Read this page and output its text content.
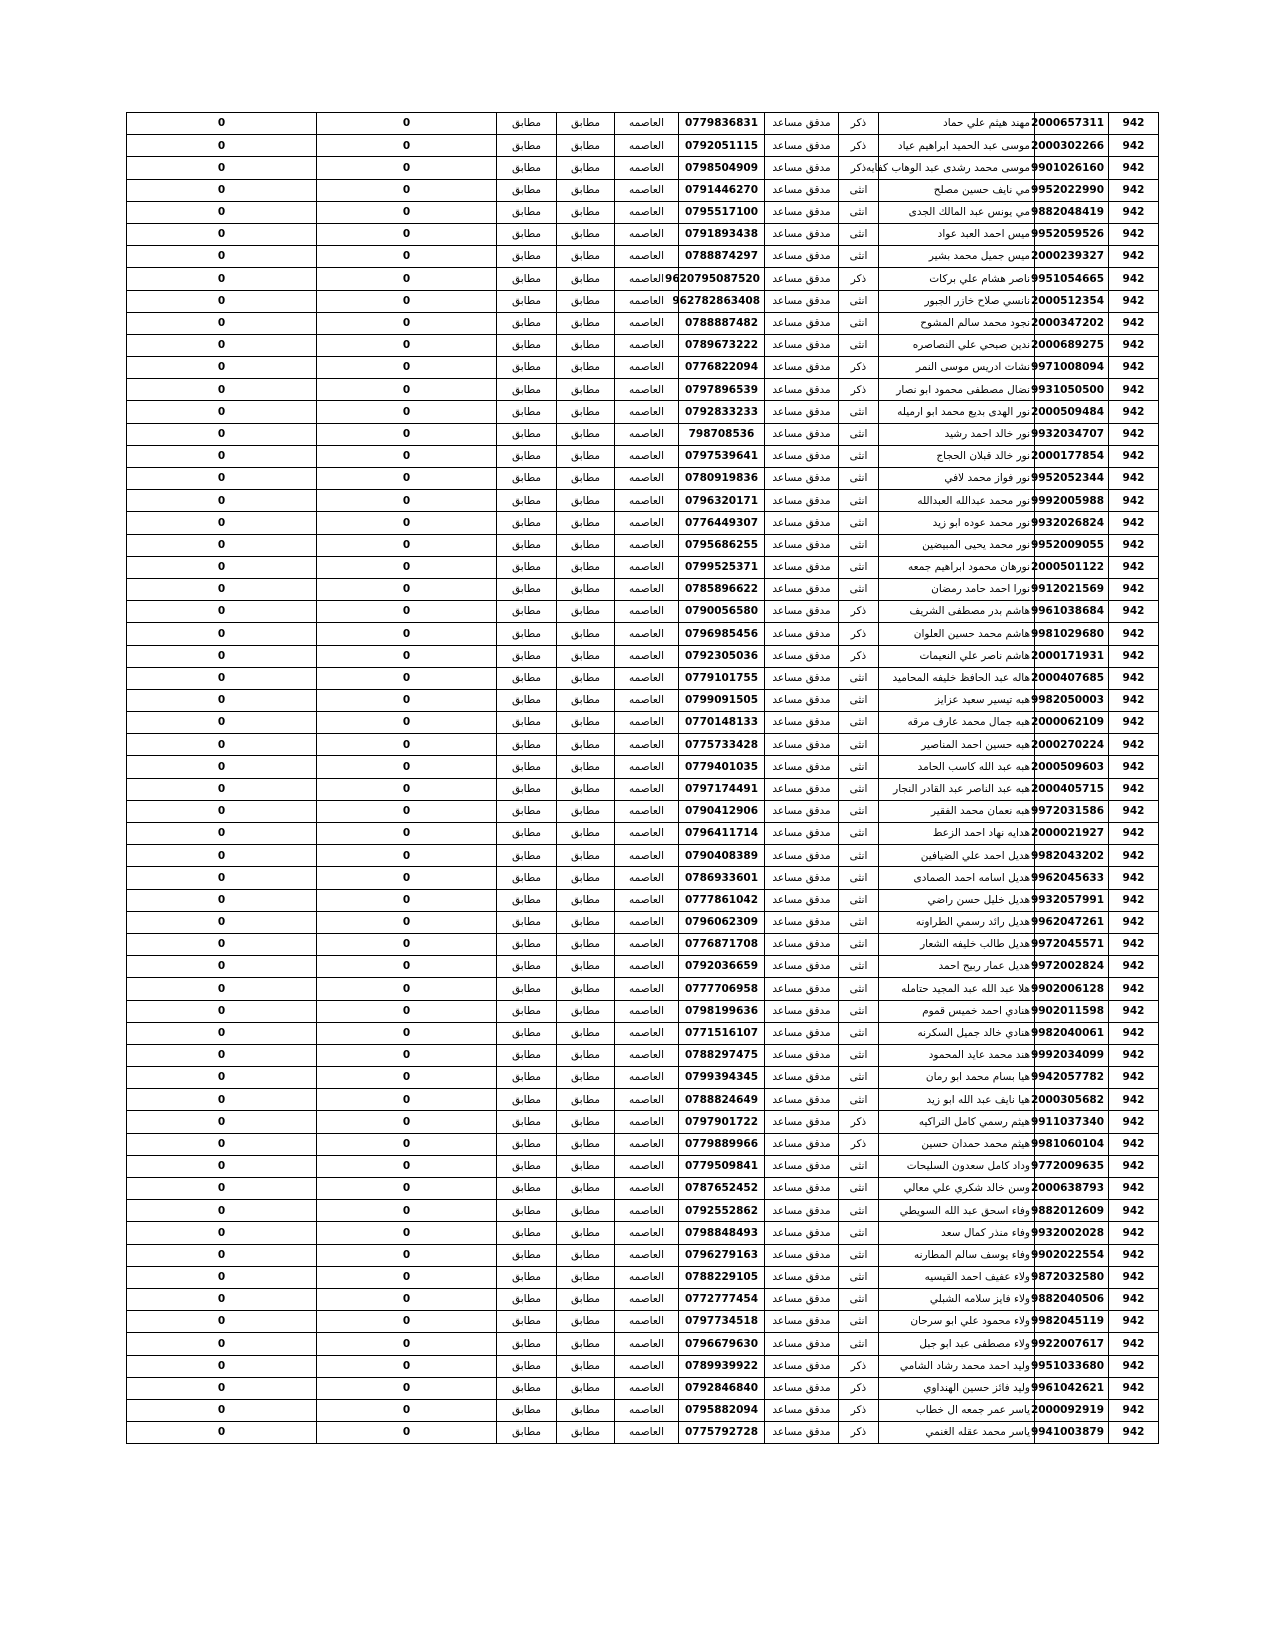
942	2000657311	مهند هيثم علي حماد	ذكر	مدقق مساعد	0779836831	العاصمه	مطابق	مطابق	0	0
942	2000302266	موسى عبد الحميد ابراهيم عياد	ذكر	مدقق مساعد	0792051115	العاصمه	مطابق	مطابق	0	0
942	9901026160	موسى محمد رشدى عبد الوهاب كفايه	ذكر	مدقق مساعد	0798504909	العاصمه	مطابق	مطابق	0	0
942	9952022990	مي نايف حسين مصلح	انثى	مدقق مساعد	0791446270	العاصمه	مطابق	مطابق	0	0
942	9882048419	مي يونس عبد المالك الجدى	انثى	مدقق مساعد	0795517100	العاصمه	مطابق	مطابق	0	0
942	9952059526	ميس احمد العبد عواد	انثى	مدقق مساعد	0791893438	العاصمه	مطابق	مطابق	0	0
942	2000239327	ميس جميل محمد بشير	انثى	مدقق مساعد	0788874297	العاصمه	مطابق	مطابق	0	0
942	9951054665	ناصر هشام علي بركات	ذكر	مدقق مساعد	9620795087520	العاصمه	مطابق	مطابق	0	0
942	2000512354	نانسي صلاح خازر الجبور	انثى	مدقق مساعد	962782863408	العاصمه	مطابق	مطابق	0	0
942	2000347202	نجود محمد سالم المشوح	انثى	مدقق مساعد	0788887482	العاصمه	مطابق	مطابق	0	0
942	2000689275	ندين صبحي علي النصاصره	انثى	مدقق مساعد	0789673222	العاصمه	مطابق	مطابق	0	0
942	9971008094	نشات ادريس موسى النمر	ذكر	مدقق مساعد	0776822094	العاصمه	مطابق	مطابق	0	0
942	9931050500	نضال مصطفى محمود ابو نصار	ذكر	مدقق مساعد	0797896539	العاصمه	مطابق	مطابق	0	0
942	2000509484	نور الهدى بديع محمد ابو ارميله	انثى	مدقق مساعد	0792833233	العاصمه	مطابق	مطابق	0	0
942	9932034707	نور خالد احمد رشيد	انثى	مدقق مساعد	798708536	العاصمه	مطابق	مطابق	0	0
942	2000177854	نور خالد قبلان الحجاج	انثى	مدقق مساعد	0797539641	العاصمه	مطابق	مطابق	0	0
942	9952052344	نور فواز محمد لافي	انثى	مدقق مساعد	0780919836	العاصمه	مطابق	مطابق	0	0
942	9992005988	نور محمد عبدالله العبدالله	انثى	مدقق مساعد	0796320171	العاصمه	مطابق	مطابق	0	0
942	9932026824	نور محمد عوده ابو زيد	انثى	مدقق مساعد	0776449307	العاصمه	مطابق	مطابق	0	0
942	9952009055	نور محمد يحيى المبيضين	انثى	مدقق مساعد	0795686255	العاصمه	مطابق	مطابق	0	0
942	2000501122	نورهان محمود ابراهيم جمعه	انثى	مدقق مساعد	0799525371	العاصمه	مطابق	مطابق	0	0
942	9912021569	نورا احمد حامد رمضان	انثى	مدقق مساعد	0785896622	العاصمه	مطابق	مطابق	0	0
942	9961038684	هاشم بدر مصطفى الشريف	ذكر	مدقق مساعد	0790056580	العاصمه	مطابق	مطابق	0	0
942	9981029680	هاشم محمد حسين العلوان	ذكر	مدقق مساعد	0796985456	العاصمه	مطابق	مطابق	0	0
942	2000171931	هاشم ناصر علي النعيمات	ذكر	مدقق مساعد	0792305036	العاصمه	مطابق	مطابق	0	0
942	2000407685	هاله عبد الحافظ خليفه المحاميد	انثى	مدقق مساعد	0779101755	العاصمه	مطابق	مطابق	0	0
942	9982050003	هبه تيسير سعيد عزايز	انثى	مدقق مساعد	0799091505	العاصمه	مطابق	مطابق	0	0
942	2000062109	هبه جمال محمد عارف مرقه	انثى	مدقق مساعد	0770148133	العاصمه	مطابق	مطابق	0	0
942	2000270224	هبه حسين احمد المناصير	انثى	مدقق مساعد	0775733428	العاصمه	مطابق	مطابق	0	0
942	2000509603	هبه عبد الله كاسب الحامد	انثى	مدقق مساعد	0779401035	العاصمه	مطابق	مطابق	0	0
942	2000405715	هبه عبد الناصر عبد القادر النجار	انثى	مدقق مساعد	0797174491	العاصمه	مطابق	مطابق	0	0
942	9972031586	هبه نعمان محمد الفقير	انثى	مدقق مساعد	0790412906	العاصمه	مطابق	مطابق	0	0
942	2000021927	هدايه نهاد احمد الزعط	انثى	مدقق مساعد	0796411714	العاصمه	مطابق	مطابق	0	0
942	9982043202	هديل احمد علي الضيافين	انثى	مدقق مساعد	0790408389	العاصمه	مطابق	مطابق	0	0
942	9962045633	هديل اسامه احمد الصمادى	انثى	مدقق مساعد	0786933601	العاصمه	مطابق	مطابق	0	0
942	9932057991	هديل خليل حسن راضي	انثى	مدقق مساعد	0777861042	العاصمه	مطابق	مطابق	0	0
942	9962047261	هديل رائد رسمي الطراونه	انثى	مدقق مساعد	0796062309	العاصمه	مطابق	مطابق	0	0
942	9972045571	هديل طالب خليفه الشعار	انثى	مدقق مساعد	0776871708	العاصمه	مطابق	مطابق	0	0
942	9972002824	هديل عمار ربيح احمد	انثى	مدقق مساعد	0792036659	العاصمه	مطابق	مطابق	0	0
942	9902006128	هلا عبد الله عبد المجيد حتامله	انثى	مدقق مساعد	0777706958	العاصمه	مطابق	مطابق	0	0
942	9902011598	هنادي احمد خميس قموم	انثى	مدقق مساعد	0798199636	العاصمه	مطابق	مطابق	0	0
942	9982040061	هنادي خالد جميل السكرنه	انثى	مدقق مساعد	0771516107	العاصمه	مطابق	مطابق	0	0
942	9992034099	هند محمد عايد المحمود	انثى	مدقق مساعد	0788297475	العاصمه	مطابق	مطابق	0	0
942	9942057782	هيا بسام محمد ابو رمان	انثى	مدقق مساعد	0799394345	العاصمه	مطابق	مطابق	0	0
942	2000305682	هيا نايف عبد الله ابو زيد	انثى	مدقق مساعد	0788824649	العاصمه	مطابق	مطابق	0	0
942	9911037340	هيثم رسمي كامل التراكيه	ذكر	مدقق مساعد	0797901722	العاصمه	مطابق	مطابق	0	0
942	9981060104	هيثم محمد حمدان حسين	ذكر	مدقق مساعد	0779889966	العاصمه	مطابق	مطابق	0	0
942	9772009635	وداد كامل سعدون السليحات	انثى	مدقق مساعد	0779509841	العاصمه	مطابق	مطابق	0	0
942	2000638793	وسن خالد شكري علي معالي	انثى	مدقق مساعد	0787652452	العاصمه	مطابق	مطابق	0	0
942	9882012609	وفاء اسحق عبد الله السويطي	انثى	مدقق مساعد	0792552862	العاصمه	مطابق	مطابق	0	0
942	9932002028	وفاء منذر كمال سعد	انثى	مدقق مساعد	0798848493	العاصمه	مطابق	مطابق	0	0
942	9902022554	وفاء يوسف سالم المطارنه	انثى	مدقق مساعد	0796279163	العاصمه	مطابق	مطابق	0	0
942	9872032580	ولاء عفيف احمد القيسيه	انثى	مدقق مساعد	0788229105	العاصمه	مطابق	مطابق	0	0
942	9882040506	ولاء فايز سلامه الشبلي	انثى	مدقق مساعد	0772777454	العاصمه	مطابق	مطابق	0	0
942	9982045119	ولاء محمود علي ابو سرحان	انثى	مدقق مساعد	0797734518	العاصمه	مطابق	مطابق	0	0
942	9922007617	ولاء مصطفى عبد ابو جبل	انثى	مدقق مساعد	0796679630	العاصمه	مطابق	مطابق	0	0
942	9951033680	وليد احمد محمد رشاد الشامي	ذكر	مدقق مساعد	0789939922	العاصمه	مطابق	مطابق	0	0
942	9961042621	وليد فائز حسين الهنداوي	ذكر	مدقق مساعد	0792846840	العاصمه	مطابق	مطابق	0	0
942	2000092919	ياسر عمر جمعه ال خطاب	ذكر	مدقق مساعد	0795882094	العاصمه	مطابق	مطابق	0	0
942	9941003879	ياسر محمد عقله الغنمي	ذكر	مدقق مساعد	0775792728	العاصمه	مطابق	مطابق	0	0
